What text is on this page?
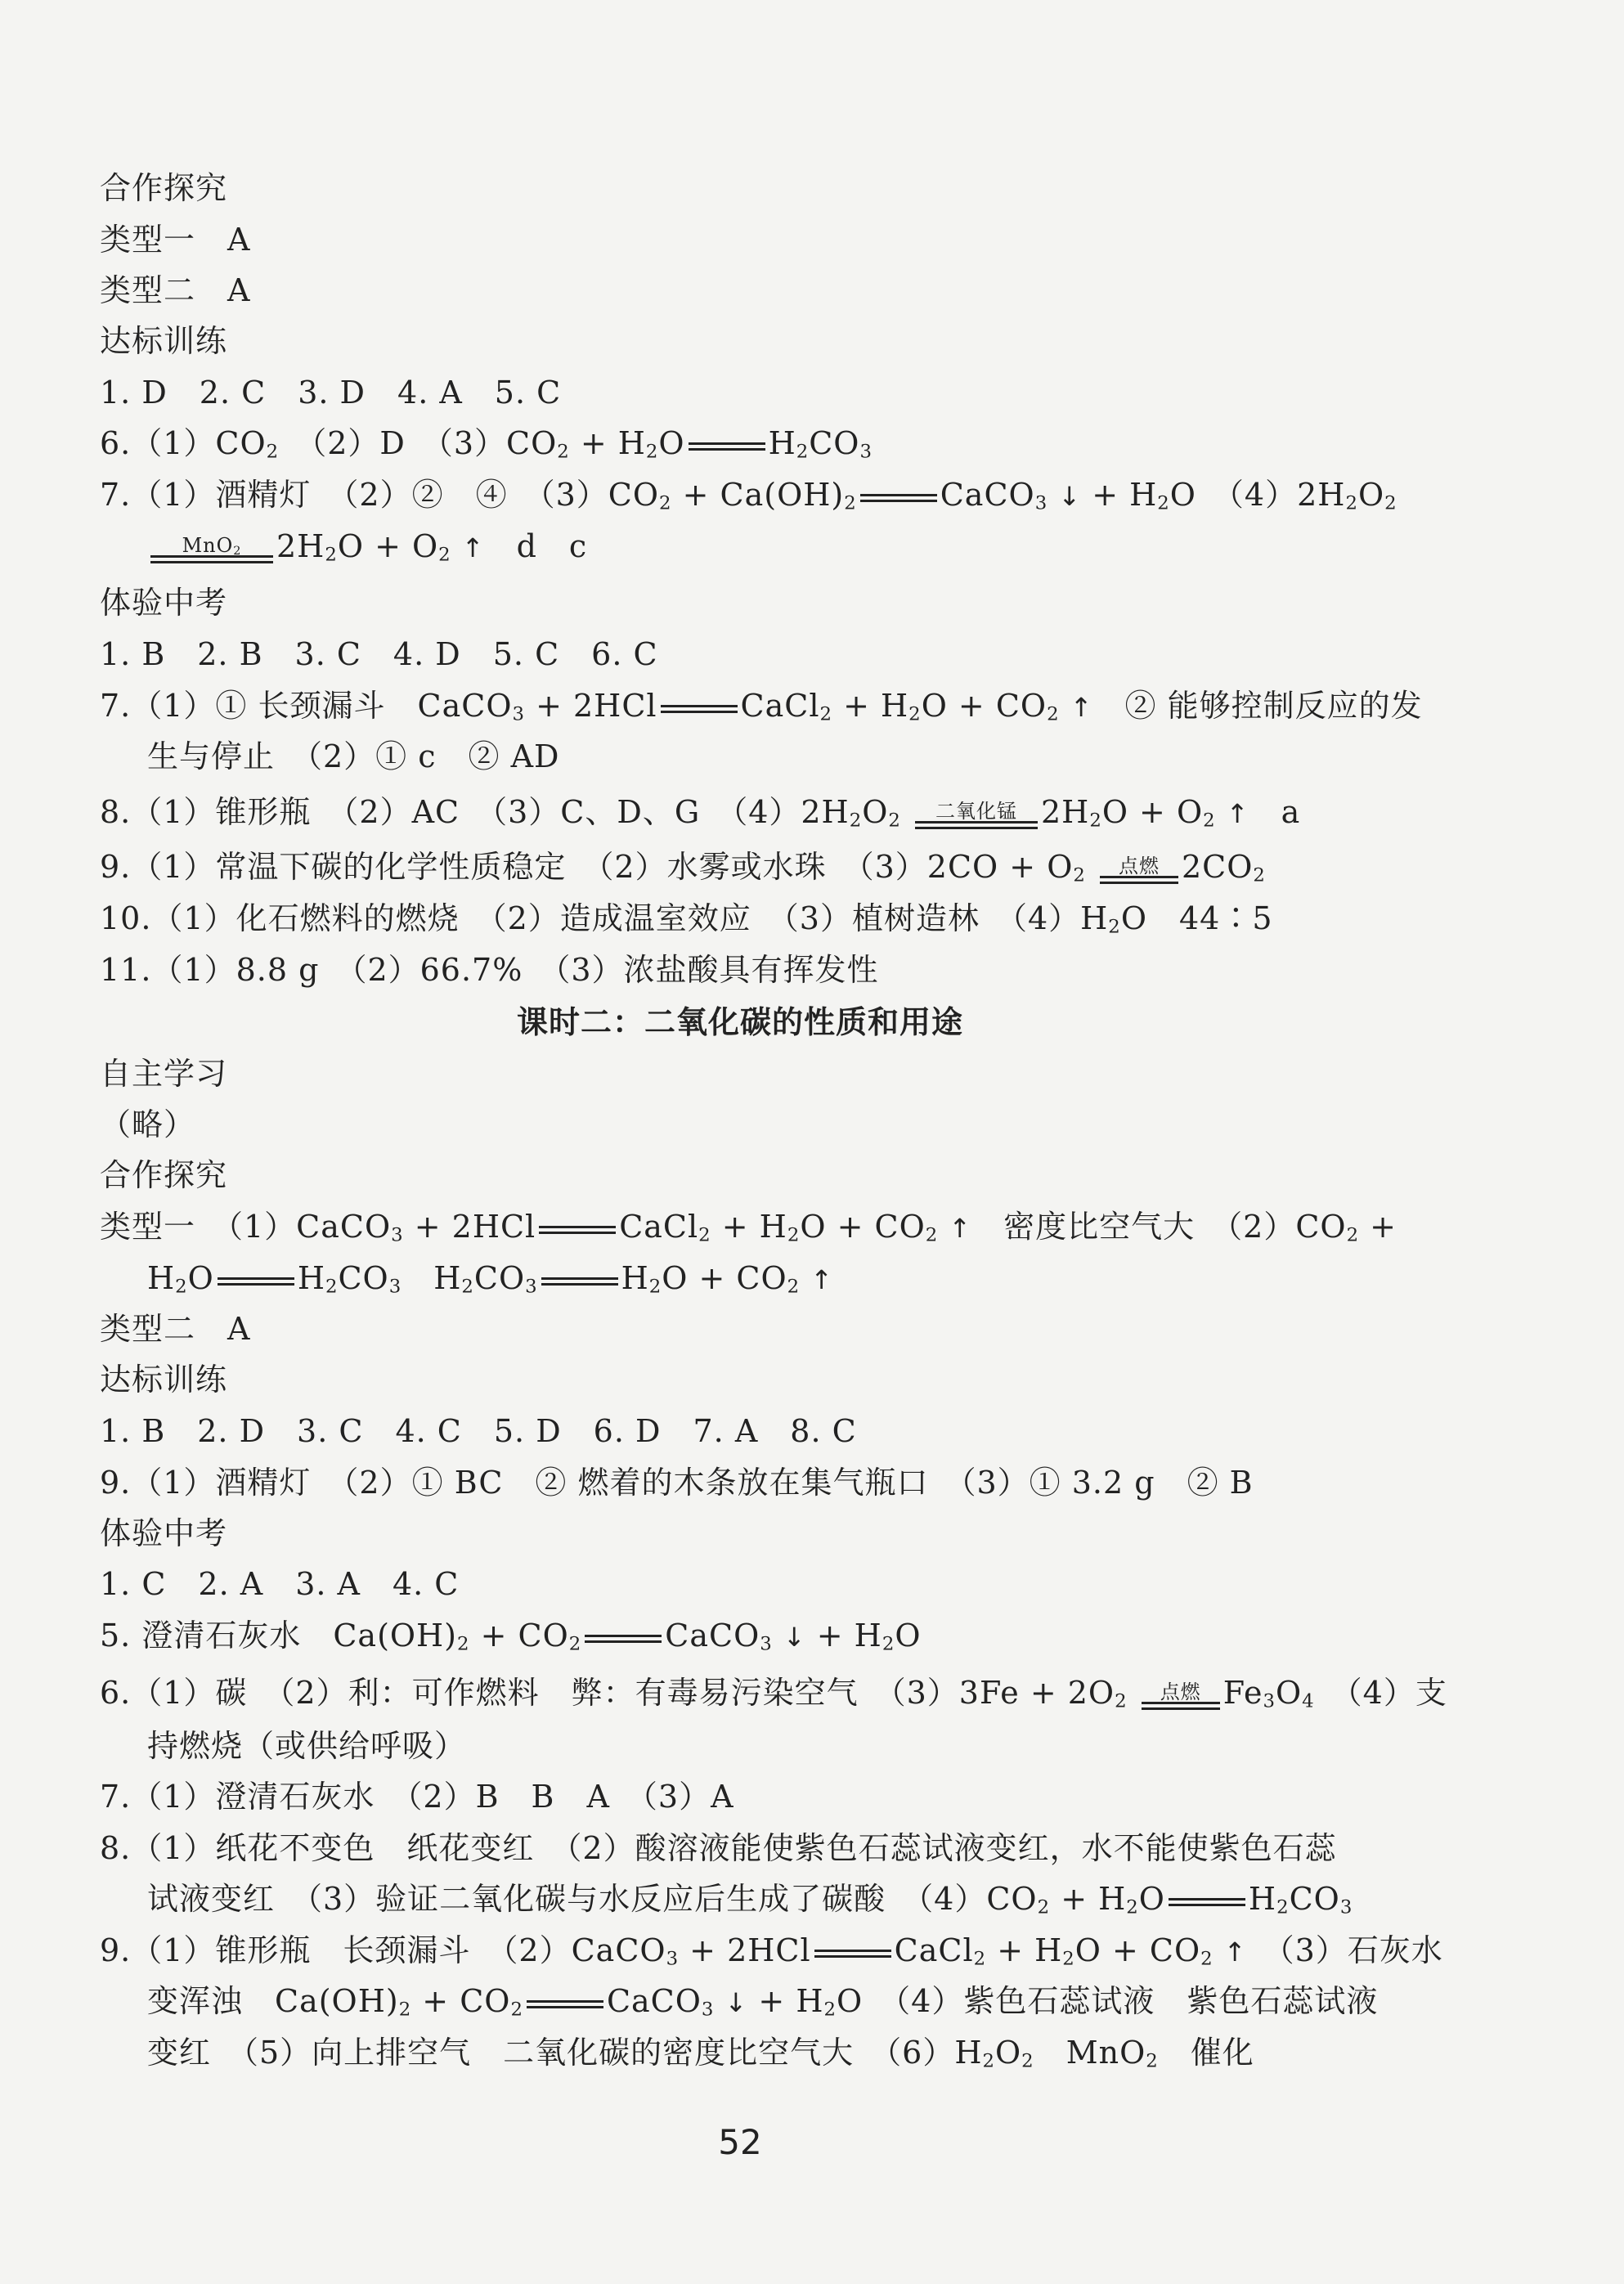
合作探究
类型一　A
类型二　A
达标训练
1. D　2. C　3. D　4. A　5. C
$6.(1)CO_2$　（2）D　$(3)CO_2 + H_2O$	$H_2CO_3$
7.（1）酒精灯　（2）②　④　$(3)CO_2 + Ca(OH)_2$	CaCO$_3$ ↓ + $H_2O$　$(4)2H_2O_2$
MnO$_2$	$2H_2O + O_2$ ↑　d　c
体验中考
1. B　2. B　3. C　4. D　5. C　6. C
7.（1）① 长颈漏斗　CaCO$_3$ + 2HCl	CaCl$_2$ + $H_2O + CO_2$ ↑　② 能够控制反应的发
生与停止　（2）① c　② AD
8.（1）锥形瓶　（2）AC　（3）C、D、G　$(4)2H_2O_2$	二氧化锰 $2H_2O + O_2$ ↑　a
9.（1）常温下碳的化学性质稳定　（2）水雾或水珠　$(3)2CO + O_2$	点燃 $2CO_2$
10.（1）化石燃料的燃烧　（2）造成温室效应　（3）植树造林　$(4)H_2O$　44∶5
11.（1）8.8 g　（2）66.7%　（3）浓盐酸具有挥发性
课时二：二氧化碳的性质和用途
自主学习
（略）
合作探究
类型一　（1）CaCO$_3$ + 2HCl	CaCl$_2$ + $H_2O + CO_2$ ↑　密度比空气大　$(2)CO_2$ +
$H_2O$	$H_2CO_3$　$H_2CO_3$	$H_2O + CO_2$ ↑
类型二　A
达标训练
1. B　2. D　3. C　4. C　5. D　6. D　7. A　8. C
9.（1）酒精灯　（2）① BC　② 燃着的木条放在集气瓶口　（3）① 3.2 g　② B
体验中考
1. C　2. A　3. A　4. C
5. 澄清石灰水　$Ca(OH)_2 + CO_2$	CaCO$_3$ ↓ + $H_2O$
6.（1）碳　（2）利：可作燃料　弊：有毒易污染空气　$(3)3Fe + 2O_2$	点燃 $Fe_3O_4$　（4）支
持燃烧（或供给呼吸）
7.（1）澄清石灰水　（2）B　B　A　（3）A
8.（1）纸花不变色　纸花变红　（2）酸溶液能使紫色石蕊试液变红，水不能使紫色石蕊
试液变红　（3）验证二氧化碳与水反应后生成了碳酸　$(4)CO_2 + H_2O$	$H_2CO_3$
9.（1）锥形瓶　长颈漏斗　（2）CaCO$_3$ + 2HCl	CaCl$_2$ + $H_2O + CO_2$ ↑　（3）石灰水
变浑浊　$Ca(OH)_2 + CO_2$	CaCO$_3$ ↓ + $H_2O$　（4）紫色石蕊试液　紫色石蕊试液
变红　（5）向上排空气　二氧化碳的密度比空气大　$(6)H_2O_2$　MnO$_2$　催化
52
